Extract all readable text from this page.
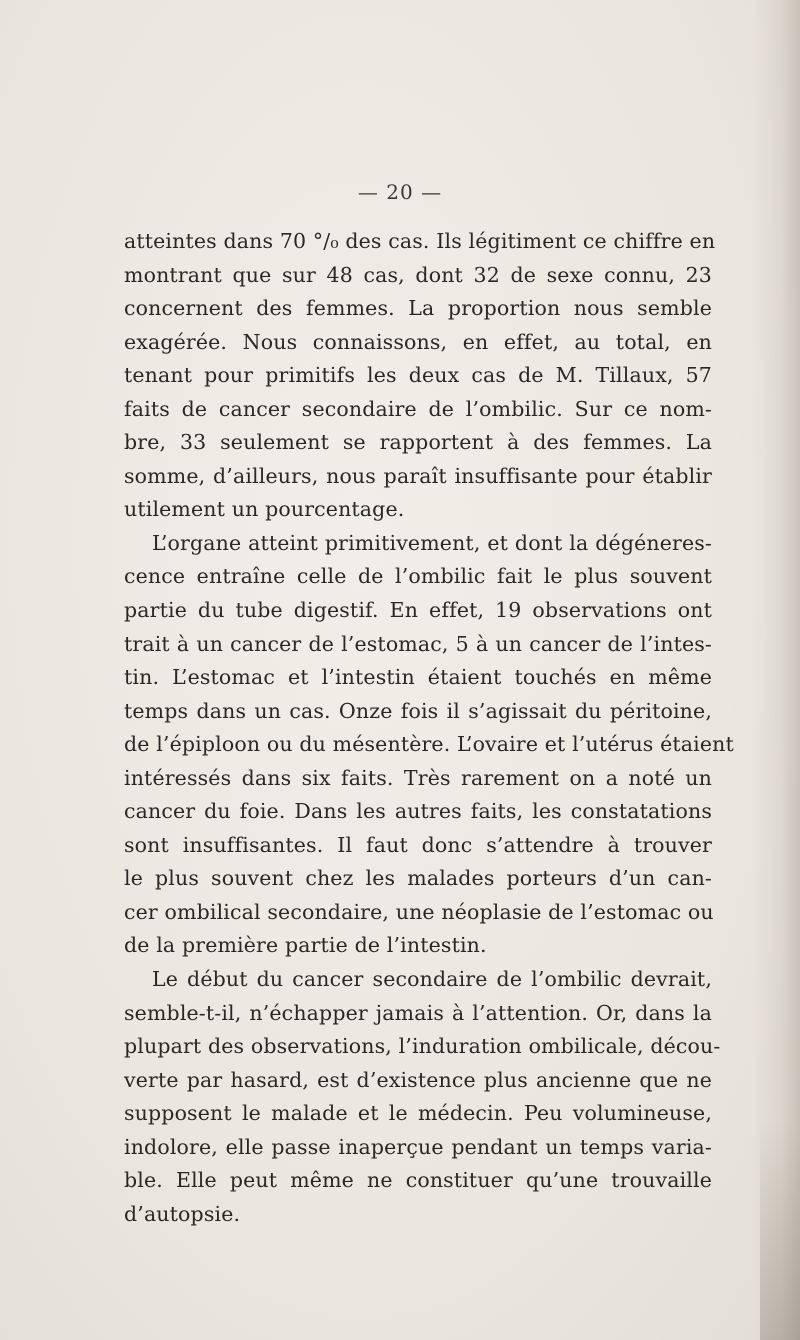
— 20 —
atteintes dans 70 °/₀ des cas. Ils légitiment ce chiffre en
montrant que sur 48 cas, dont 32 de sexe connu, 23
concernent des femmes. La proportion nous semble
exagérée. Nous connaissons, en effet, au total, en
tenant pour primitifs les deux cas de M. Tillaux, 57
faits de cancer secondaire de l’ombilic. Sur ce nom-
bre, 33 seulement se rapportent à des femmes. La
somme, d’ailleurs, nous paraît insuffisante pour établir
utilement un pourcentage.
L’organe atteint primitivement, et dont la dégéneres-
cence entraîne celle de l’ombilic fait le plus souvent
partie du tube digestif. En effet, 19 observations ont
trait à un cancer de l’estomac, 5 à un cancer de l’intes-
tin. L’estomac et l’intestin étaient touchés en même
temps dans un cas. Onze fois il s’agissait du péritoine,
de l’épiploon ou du mésentère. L’ovaire et l’utérus étaient
intéressés dans six faits. Très rarement on a noté un
cancer du foie. Dans les autres faits, les constatations
sont insuffisantes. Il faut donc s’attendre à trouver
le plus souvent chez les malades porteurs d’un can-
cer ombilical secondaire, une néoplasie de l’estomac ou
de la première partie de l’intestin.
Le début du cancer secondaire de l’ombilic devrait,
semble-t-il, n’échapper jamais à l’attention. Or, dans la
plupart des observations, l’induration ombilicale, décou-
verte par hasard, est d’existence plus ancienne que ne
supposent le malade et le médecin. Peu volumineuse,
indolore, elle passe inaperçue pendant un temps varia-
ble. Elle peut même ne constituer qu’une trouvaille
d’autopsie.
